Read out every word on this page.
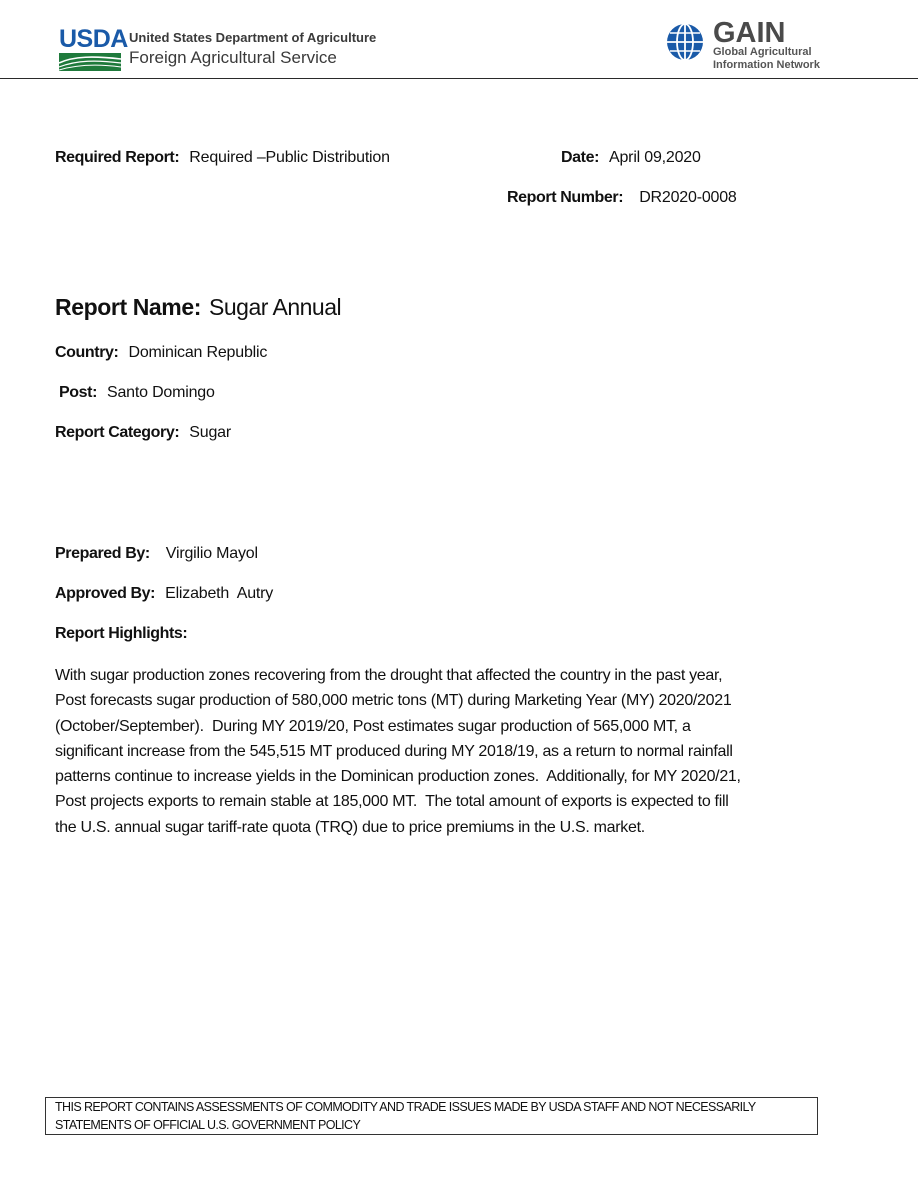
USDA United States Department of Agriculture
Foreign Agricultural Service
GAIN
Global Agricultural
Information Network
Required Report: Required –Public Distribution	Date: April 09,2020
Report Number: DR2020-0008
Report Name: Sugar Annual
Country: Dominican Republic
Post: Santo Domingo
Report Category: Sugar
Prepared By: Virgilio Mayol
Approved By: Elizabeth  Autry
Report Highlights:
With sugar production zones recovering from the drought that affected the country in the past year,
Post forecasts sugar production of 580,000 metric tons (MT) during Marketing Year (MY) 2020/2021
(October/September).  During MY 2019/20, Post estimates sugar production of 565,000 MT, a
significant increase from the 545,515 MT produced during MY 2018/19, as a return to normal rainfall
patterns continue to increase yields in the Dominican production zones.  Additionally, for MY 2020/21,
Post projects exports to remain stable at 185,000 MT.  The total amount of exports is expected to fill
the U.S. annual sugar tariff-rate quota (TRQ) due to price premiums in the U.S. market.
THIS REPORT CONTAINS ASSESSMENTS OF COMMODITY AND TRADE ISSUES MADE BY USDA STAFF AND NOT NECESSARILY
STATEMENTS OF OFFICIAL U.S. GOVERNMENT POLICY
